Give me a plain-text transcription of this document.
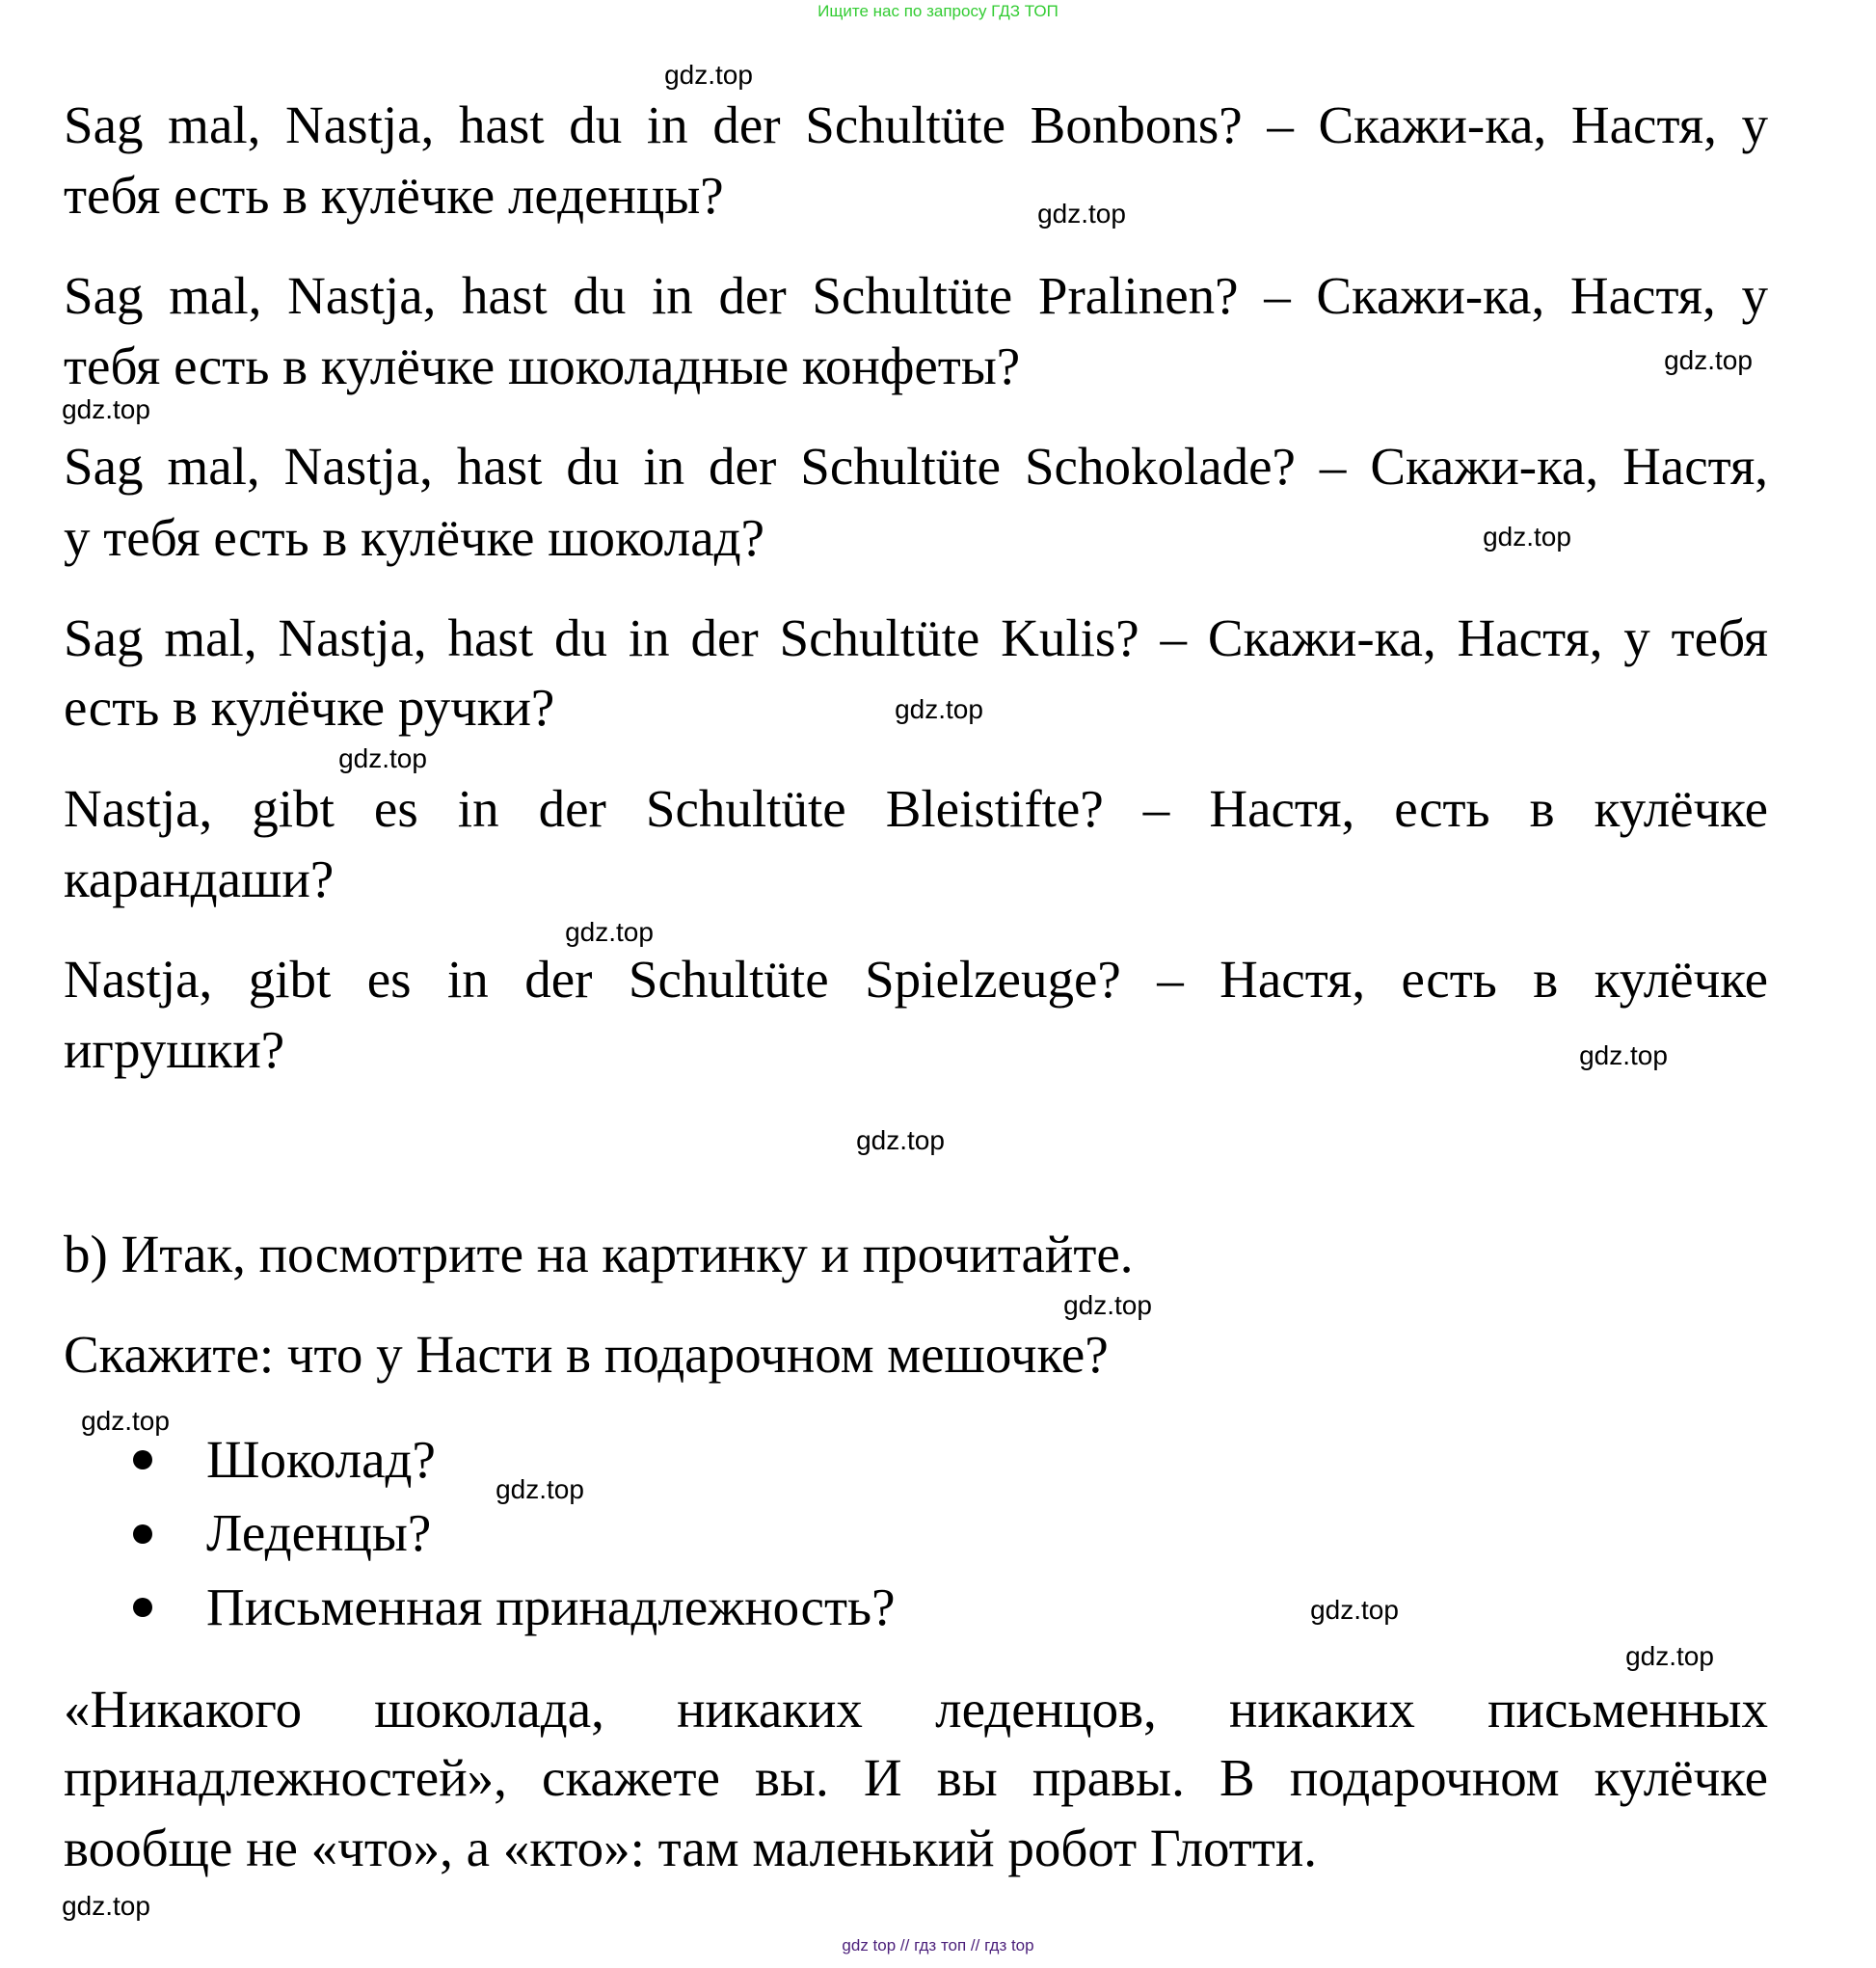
Ищите нас по запросу ГДЗ ТОП
Sag mal, Nastja, hast du in der Schultüte Bonbons? – Скажи-ка, Настя, у
тебя есть в кулёчке леденцы?
Sag mal, Nastja, hast du in der Schultüte Pralinen? – Скажи-ка, Настя, у
тебя есть в кулёчке шоколадные конфеты?
Sag mal, Nastja, hast du in der Schultüte Schokolade? – Скажи-ка, Настя,
у тебя есть в кулёчке шоколад?
Sag mal, Nastja, hast du in der Schultüte Kulis? – Скажи-ка, Настя, у тебя
есть в кулёчке ручки?
Nastja, gibt es in der Schultüte Bleistifte? – Настя, есть в кулёчке
карандаши?
Nastja, gibt es in der Schultüte Spielzeuge? – Настя, есть в кулёчке
игрушки?
b) Итак, посмотрите на картинку и прочитайте.
Скажите: что у Насти в подарочном мешочке?
Шоколад?
Леденцы?
Письменная принадлежность?
«Никакого шоколада, никаких леденцов, никаких письменных
принадлежностей», скажете вы. И вы правы. В подарочном кулёчке
вообще не «что», а «кто»: там маленький робот Глотти.
gdz.top
gdz.top
gdz.top
gdz.top
gdz.top
gdz.top
gdz.top
gdz.top
gdz.top
gdz.top
gdz.top
gdz.top
gdz.top
gdz.top
gdz.top
gdz.top
gdz top // гдз топ // гдз top
